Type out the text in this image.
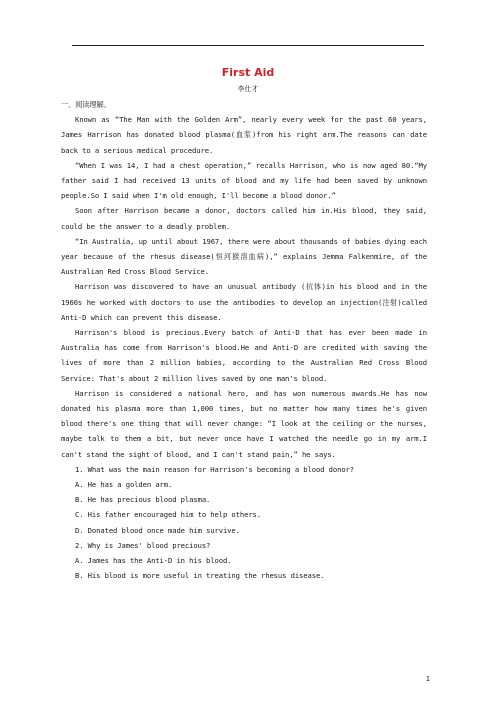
First Aid
李仕才

一、阅读理解。

Known as “The Man with the Golden Arm”, nearly every week for the past 60 years, James Harrison has donated blood plasma(血浆)from his right arm.The reasons can date back to a serious medical procedure.

“When I was 14, I had a chest operation,” recalls Harrison, who is now aged 80.“My father said I had received 13 units of blood and my life had been saved by unknown people.So I said when I'm old enough, I'll become a blood donor.”

Soon after Harrison became a donor, doctors called him in.His blood, they said, could be the answer to a deadly problem.

“In Australia, up until about 1967, there were about thousands of babies dying each year because of the rhesus disease(恒河猴溶血病),” explains Jemma Falkenmire, of the Australian Red Cross Blood Service.

Harrison was discovered to have an unusual antibody (抗体)in his blood and in the 1960s he worked with doctors to use the antibodies to develop an injection(注射)called Anti-D which can prevent this disease.

Harrison's blood is precious.Every batch of Anti-D that has ever been made in Australia has come from Harrison's blood.He and Anti-D are credited with saving the lives of more than 2 million babies, according to the Australian Red Cross Blood Service: That's about 2 million lives saved by one man's blood.

Harrison is considered a national hero, and has won numerous awards.He has now donated his plasma more than 1,000 times, but no matter how many times he's given blood there's one thing that will never change: “I look at the ceiling or the nurses, maybe talk to them a bit, but never once have I watched the needle go in my arm.I can't stand the sight of blood, and I can't stand pain,” he says.

1. What was the main reason for Harrison's becoming a blood donor?

A. He has a golden arm.

B. He has precious blood plasma.

C. His father encouraged him to help others.

D. Donated blood once made him survive.

2. Why is James' blood precious?

A. James has the Anti-D in his blood.

B. His blood is more useful in treating the rhesus disease.

1
